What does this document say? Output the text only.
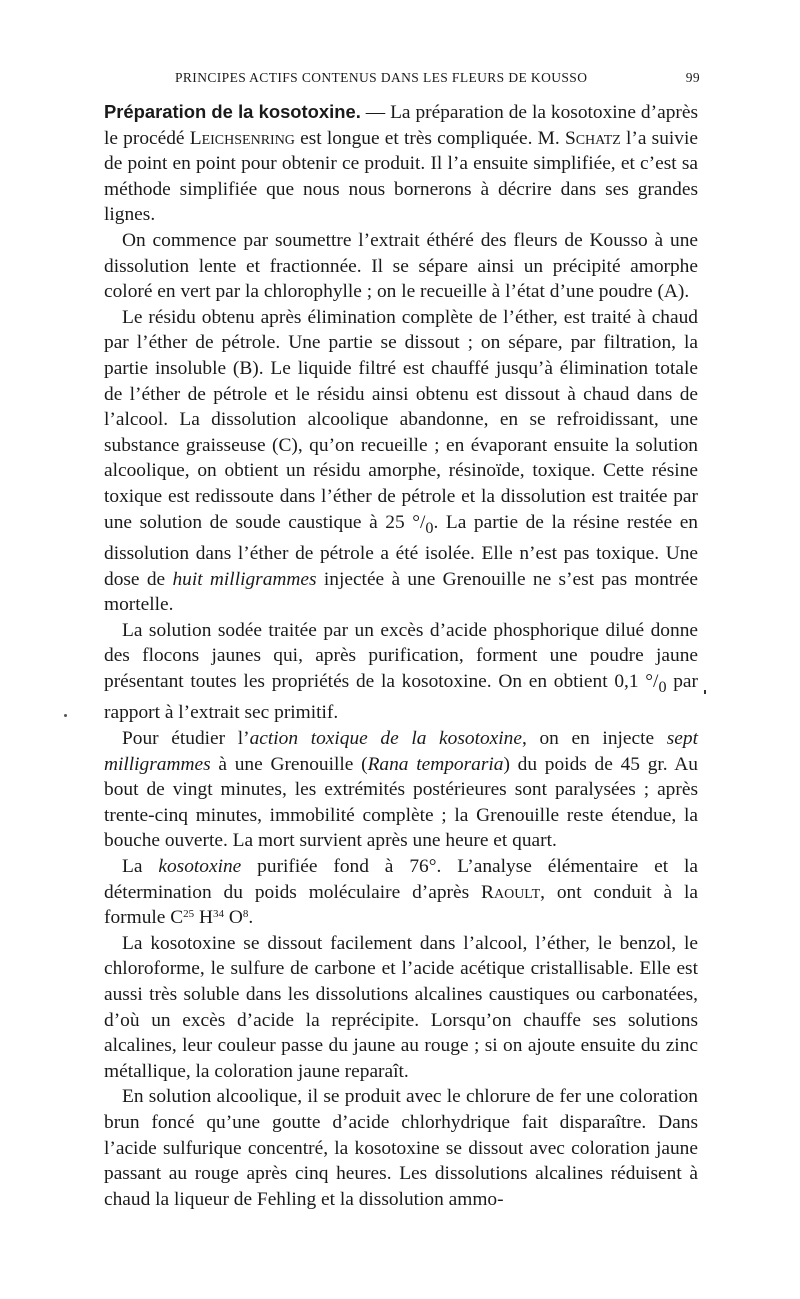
PRINCIPES ACTIFS CONTENUS DANS LES FLEURS DE KOUSSO	99

Préparation de la kosotoxine. — La préparation de la kosotoxine d’après le procédé Leichsenring est longue et très compliquée. M. Schatz l’a suivie de point en point pour obtenir ce produit. Il l’a ensuite simplifiée, et c’est sa méthode simplifiée que nous nous bornerons à décrire dans ses grandes lignes.

On commence par soumettre l’extrait éthéré des fleurs de Kousso à une dissolution lente et fractionnée. Il se sépare ainsi un précipité amorphe coloré en vert par la chlorophylle ; on le recueille à l’état d’une poudre (A).

Le résidu obtenu après élimination complète de l’éther, est traité à chaud par l’éther de pétrole. Une partie se dissout ; on sépare, par filtration, la partie insoluble (B). Le liquide filtré est chauffé jusqu’à élimination totale de l’éther de pétrole et le résidu ainsi obtenu est dissout à chaud dans de l’alcool. La dissolution alcoolique abandonne, en se refroidissant, une substance graisseuse (C), qu’on recueille ; en évaporant ensuite la solution alcoolique, on obtient un résidu amorphe, résinoïde, toxique. Cette résine toxique est redissoute dans l’éther de pétrole et la dissolution est traitée par une solution de soude caustique à 25 $^\circ/_0$. La partie de la résine restée en dissolution dans l’éther de pétrole a été isolée. Elle n’est pas toxique. Une dose de huit milligrammes injectée à une Grenouille ne s’est pas montrée mortelle.

La solution sodée traitée par un excès d’acide phosphorique dilué donne des flocons jaunes qui, après purification, forment une poudre jaune présentant toutes les propriétés de la kosotoxine. On en obtient 0,1 $^\circ/_0$ par rapport à l’extrait sec primitif.

Pour étudier l’action toxique de la kosotoxine, on en injecte sept milligrammes à une Grenouille (Rana temporaria) du poids de 45 gr. Au bout de vingt minutes, les extrémités postérieures sont paralysées ; après trente-cinq minutes, immobilité complète ; la Grenouille reste étendue, la bouche ouverte. La mort survient après une heure et quart.

La kosotoxine purifiée fond à 76°. L’analyse élémentaire et la détermination du poids moléculaire d’après Raoult, ont conduit à la formule $C^{25}$ $H^{34}$ $O^8$.

La kosotoxine se dissout facilement dans l’alcool, l’éther, le benzol, le chloroforme, le sulfure de carbone et l’acide acétique cristallisable. Elle est aussi très soluble dans les dissolutions alcalines caustiques ou carbonatées, d’où un excès d’acide la reprécipite. Lorsqu’on chauffe ses solutions alcalines, leur couleur passe du jaune au rouge ; si on ajoute ensuite du zinc métallique, la coloration jaune reparaît.

En solution alcoolique, il se produit avec le chlorure de fer une coloration brun foncé qu’une goutte d’acide chlorhydrique fait disparaître. Dans l’acide sulfurique concentré, la kosotoxine se dissout avec coloration jaune passant au rouge après cinq heures. Les dissolutions alcalines réduisent à chaud la liqueur de Fehling et la dissolution ammo-
